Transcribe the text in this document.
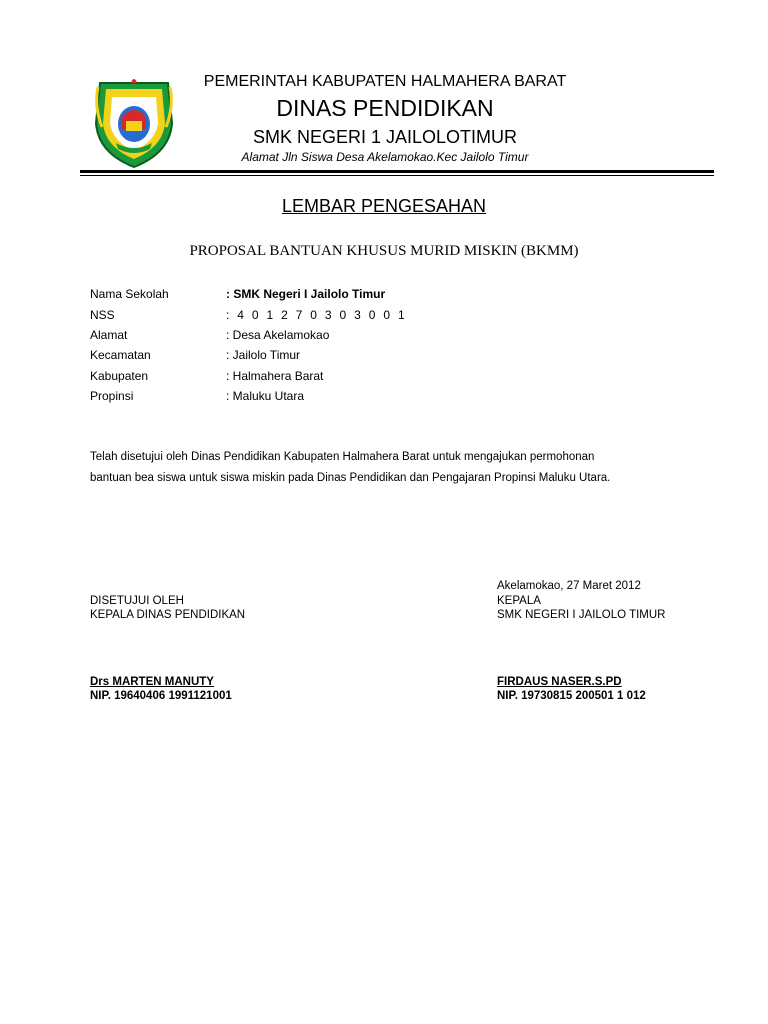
PEMERINTAH KABUPATEN HALMAHERA BARAT
DINAS PENDIDIKAN
SMK NEGERI 1 JAILOLOTIMUR
Alamat Jln Siswa Desa Akelamokao.Kec Jailolo Timur
LEMBAR PENGESAHAN
PROPOSAL BANTUAN KHUSUS MURID MISKIN (BKMM)
Nama Sekolah	: SMK Negeri I Jailolo Timur
NSS	: 4 0 1 2 7 0 3 0 3 0 0 1
Alamat	: Desa Akelamokao
Kecamatan	: Jailolo Timur
Kabupaten	: Halmahera Barat
Propinsi	: Maluku Utara
Telah disetujui oleh Dinas Pendidikan Kabupaten Halmahera Barat untuk mengajukan permohonan
bantuan bea siswa untuk siswa miskin pada Dinas Pendidikan dan Pengajaran Propinsi Maluku Utara.
Akelamokao, 27 Maret 2012
DISETUJUI OLEH
KEPALA DINAS PENDIDIKAN
Drs MARTEN MANUTY
NIP. 19640406 1991121001
KEPALA
SMK NEGERI I JAILOLO TIMUR
FIRDAUS NASER.S.PD
NIP. 19730815 200501 1 012
